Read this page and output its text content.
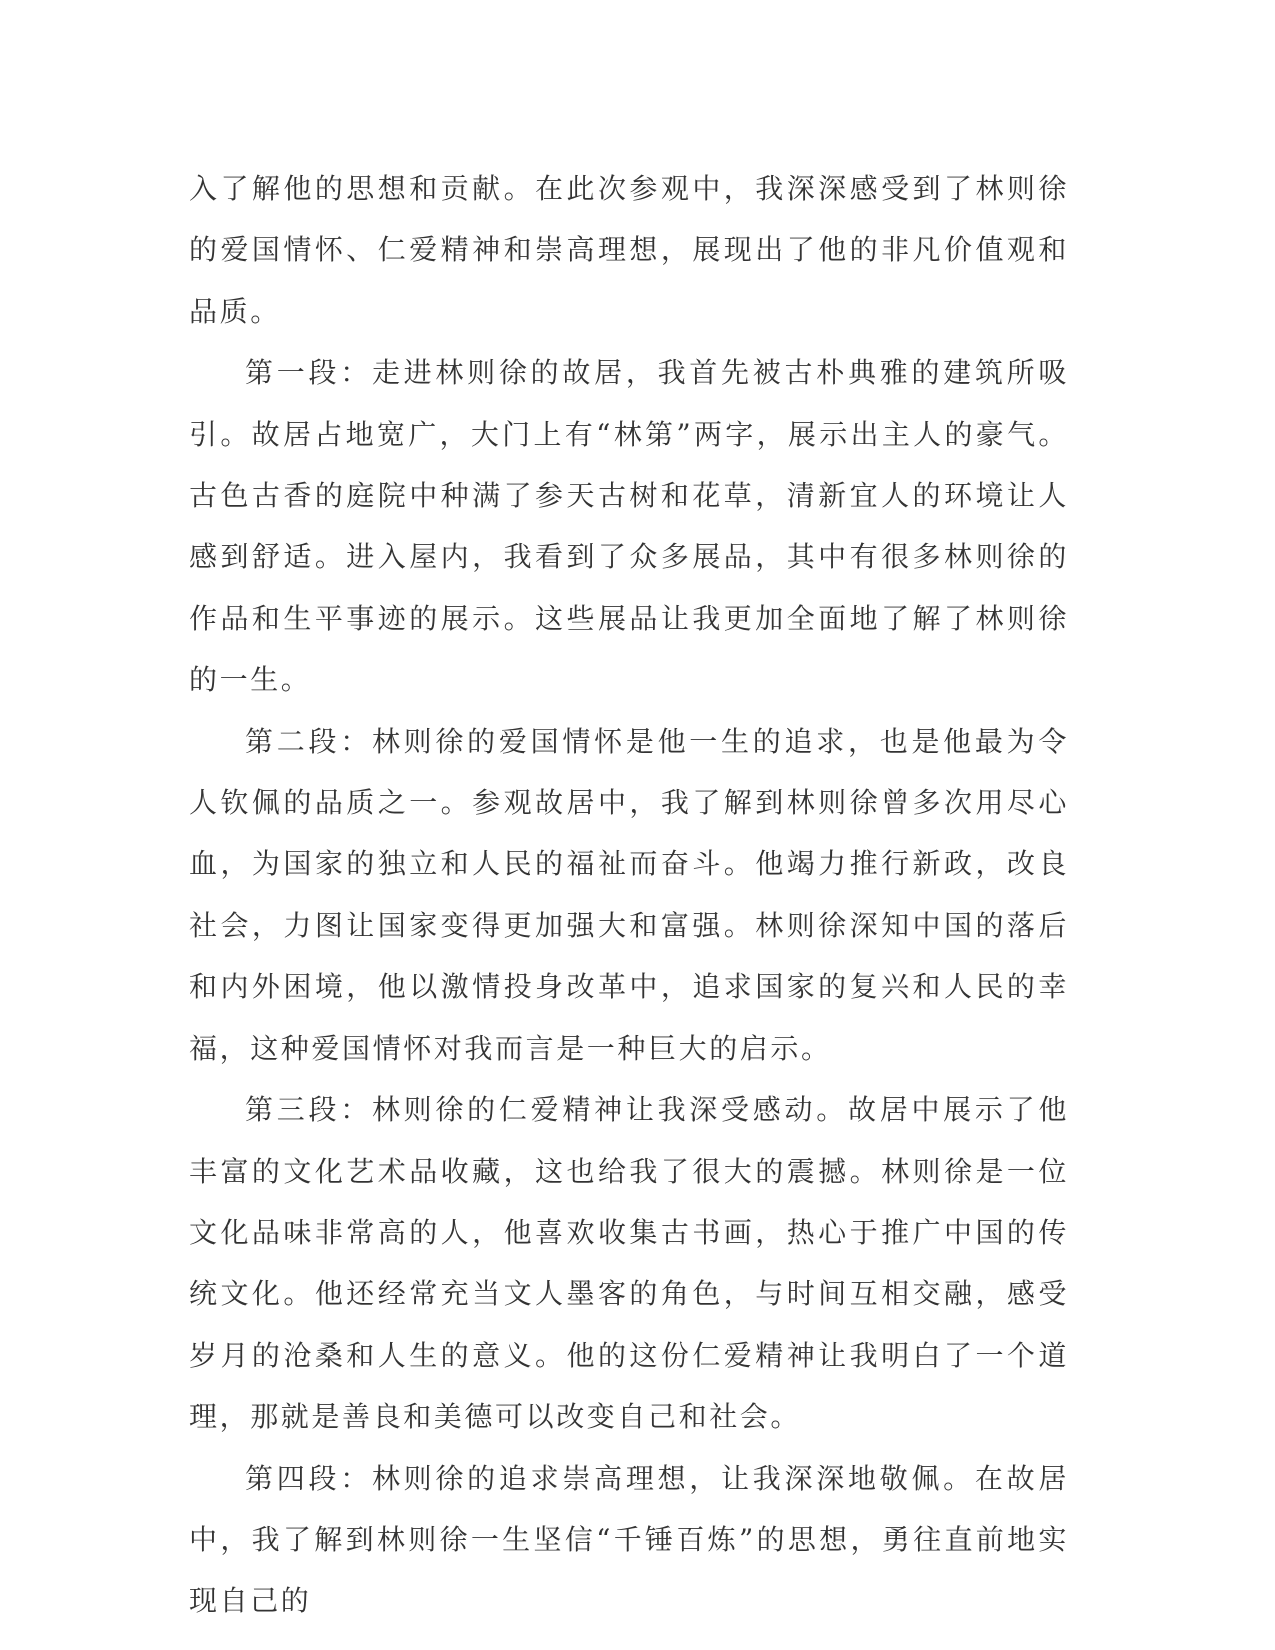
入了解他的思想和贡献。在此次参观中，我深深感受到了林则徐的爱国情怀、仁爱精神和崇高理想，展现出了他的非凡价值观和品质。

第一段：走进林则徐的故居，我首先被古朴典雅的建筑所吸引。故居占地宽广，大门上有“林第”两字，展示出主人的豪气。古色古香的庭院中种满了参天古树和花草，清新宜人的环境让人感到舒适。进入屋内，我看到了众多展品，其中有很多林则徐的作品和生平事迹的展示。这些展品让我更加全面地了解了林则徐的一生。

第二段：林则徐的爱国情怀是他一生的追求，也是他最为令人钦佩的品质之一。参观故居中，我了解到林则徐曾多次用尽心血，为国家的独立和人民的福祉而奋斗。他竭力推行新政，改良社会，力图让国家变得更加强大和富强。林则徐深知中国的落后和内外困境，他以激情投身改革中，追求国家的复兴和人民的幸福，这种爱国情怀对我而言是一种巨大的启示。

第三段：林则徐的仁爱精神让我深受感动。故居中展示了他丰富的文化艺术品收藏，这也给我了很大的震撼。林则徐是一位文化品味非常高的人，他喜欢收集古书画，热心于推广中国的传统文化。他还经常充当文人墨客的角色，与时间互相交融，感受岁月的沧桑和人生的意义。他的这份仁爱精神让我明白了一个道理，那就是善良和美德可以改变自己和社会。

第四段：林则徐的追求崇高理想，让我深深地敬佩。在故居中，我了解到林则徐一生坚信“千锤百炼”的思想，勇往直前地实现自己的
